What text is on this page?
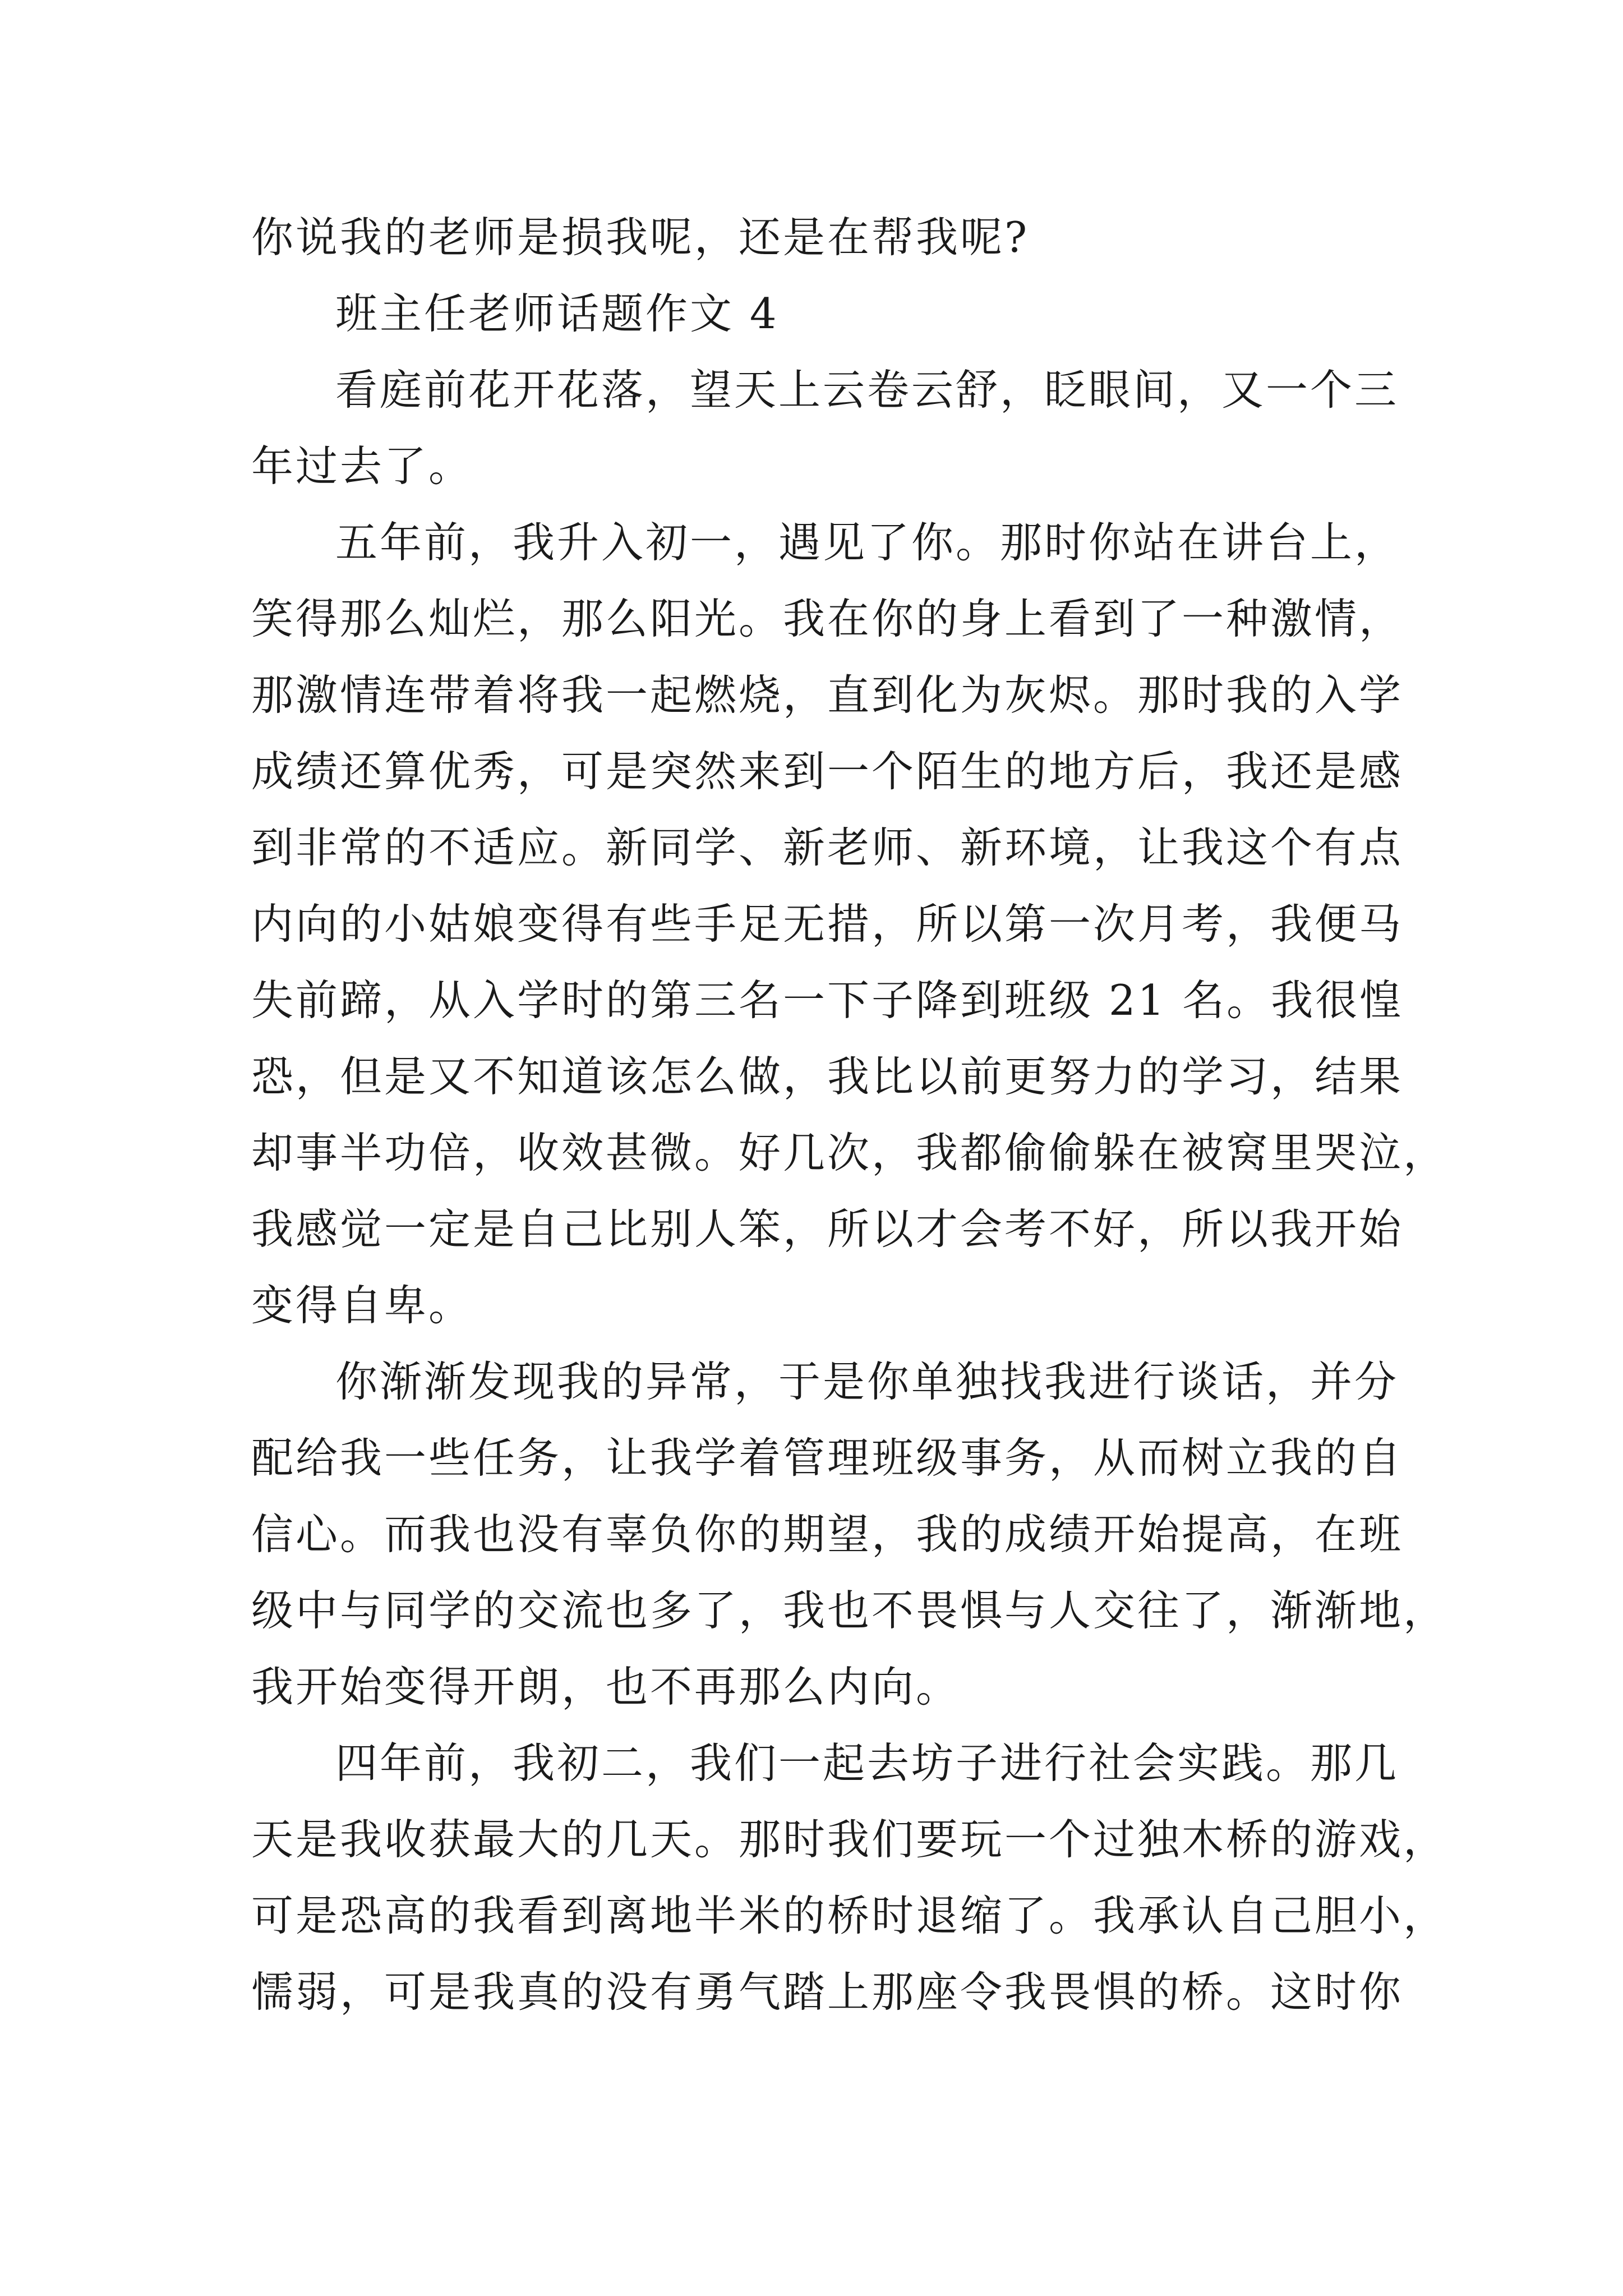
你说我的老师是损我呢，还是在帮我呢?
班主任老师话题作文 4
看庭前花开花落，望天上云卷云舒，眨眼间，又一个三
年过去了。
五年前，我升入初一，遇见了你。那时你站在讲台上，
笑得那么灿烂，那么阳光。我在你的身上看到了一种激情，
那激情连带着将我一起燃烧，直到化为灰烬。那时我的入学
成绩还算优秀，可是突然来到一个陌生的地方后，我还是感
到非常的不适应。新同学、新老师、新环境，让我这个有点
内向的小姑娘变得有些手足无措，所以第一次月考，我便马
失前蹄，从入学时的第三名一下子降到班级 21 名。我很惶
恐，但是又不知道该怎么做，我比以前更努力的学习，结果
却事半功倍，收效甚微。好几次，我都偷偷躲在被窝里哭泣，
我感觉一定是自己比别人笨，所以才会考不好，所以我开始
变得自卑。
你渐渐发现我的异常，于是你单独找我进行谈话，并分
配给我一些任务，让我学着管理班级事务，从而树立我的自
信心。而我也没有辜负你的期望，我的成绩开始提高，在班
级中与同学的交流也多了，我也不畏惧与人交往了，渐渐地，
我开始变得开朗，也不再那么内向。
四年前，我初二，我们一起去坊子进行社会实践。那几
天是我收获最大的几天。那时我们要玩一个过独木桥的游戏，
可是恐高的我看到离地半米的桥时退缩了。我承认自己胆小，
懦弱，可是我真的没有勇气踏上那座令我畏惧的桥。这时你
